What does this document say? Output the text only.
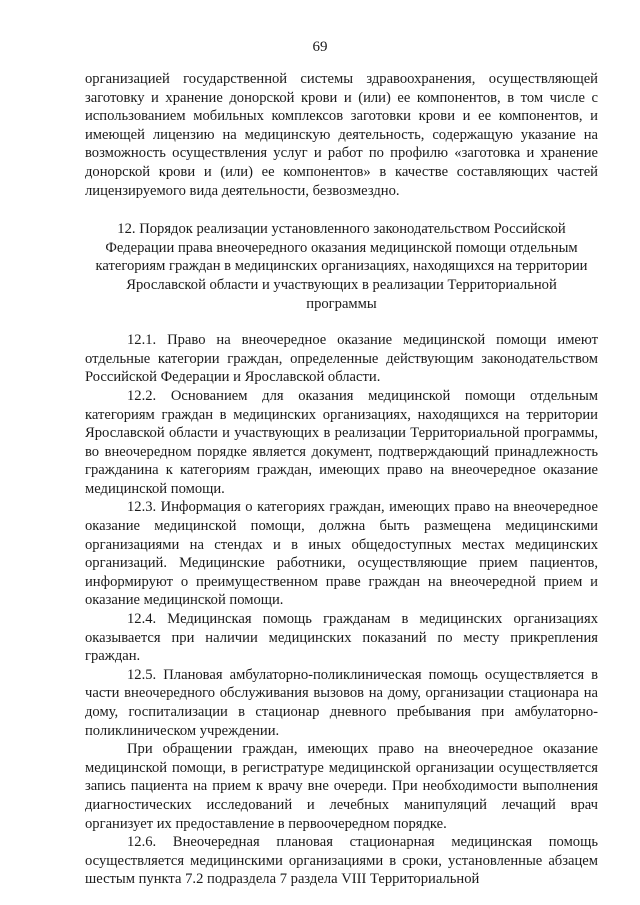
69

организацией государственной системы здравоохранения, осуществляющей заготовку и хранение донорской крови и (или) ее компонентов, в том числе с использованием мобильных комплексов заготовки крови и ее компонентов, и имеющей лицензию на медицинскую деятельность, содержащую указание на возможность осуществления услуг и работ по профилю «заготовка и хранение донорской крови и (или) ее компонентов» в качестве составляющих частей лицензируемого вида деятельности, безвозмездно.

12. Порядок реализации установленного законодательством Российской Федерации права внеочередного оказания медицинской помощи отдельным категориям граждан в медицинских организациях, находящихся на территории Ярославской области и участвующих в реализации Территориальной программы

12.1. Право на внеочередное оказание медицинской помощи имеют отдельные категории граждан, определенные действующим законодательством Российской Федерации и Ярославской области.

12.2. Основанием для оказания медицинской помощи отдельным категориям граждан в медицинских организациях, находящихся на территории Ярославской области и участвующих в реализации Территориальной программы, во внеочередном порядке является документ, подтверждающий принадлежность гражданина к категориям граждан, имеющих право на внеочередное оказание медицинской помощи.

12.3. Информация о категориях граждан, имеющих право на внеочередное оказание медицинской помощи, должна быть размещена медицинскими организациями на стендах и в иных общедоступных местах медицинских организаций. Медицинские работники, осуществляющие прием пациентов, информируют о преимущественном праве граждан на внеочередной прием и оказание медицинской помощи.

12.4. Медицинская помощь гражданам в медицинских организациях оказывается при наличии медицинских показаний по месту прикрепления граждан.

12.5. Плановая амбулаторно-поликлиническая помощь осуществляется в части внеочередного обслуживания вызовов на дому, организации стационара на дому, госпитализации в стационар дневного пребывания при амбулаторно-поликлиническом учреждении.

При обращении граждан, имеющих право на внеочередное оказание медицинской помощи, в регистратуре медицинской организации осуществляется запись пациента на прием к врачу вне очереди. При необходимости выполнения диагностических исследований и лечебных манипуляций лечащий врач организует их предоставление в первоочередном порядке.

12.6. Внеочередная плановая стационарная медицинская помощь осуществляется медицинскими организациями в сроки, установленные абзацем шестым пункта 7.2 подраздела 7 раздела VIII Территориальной
